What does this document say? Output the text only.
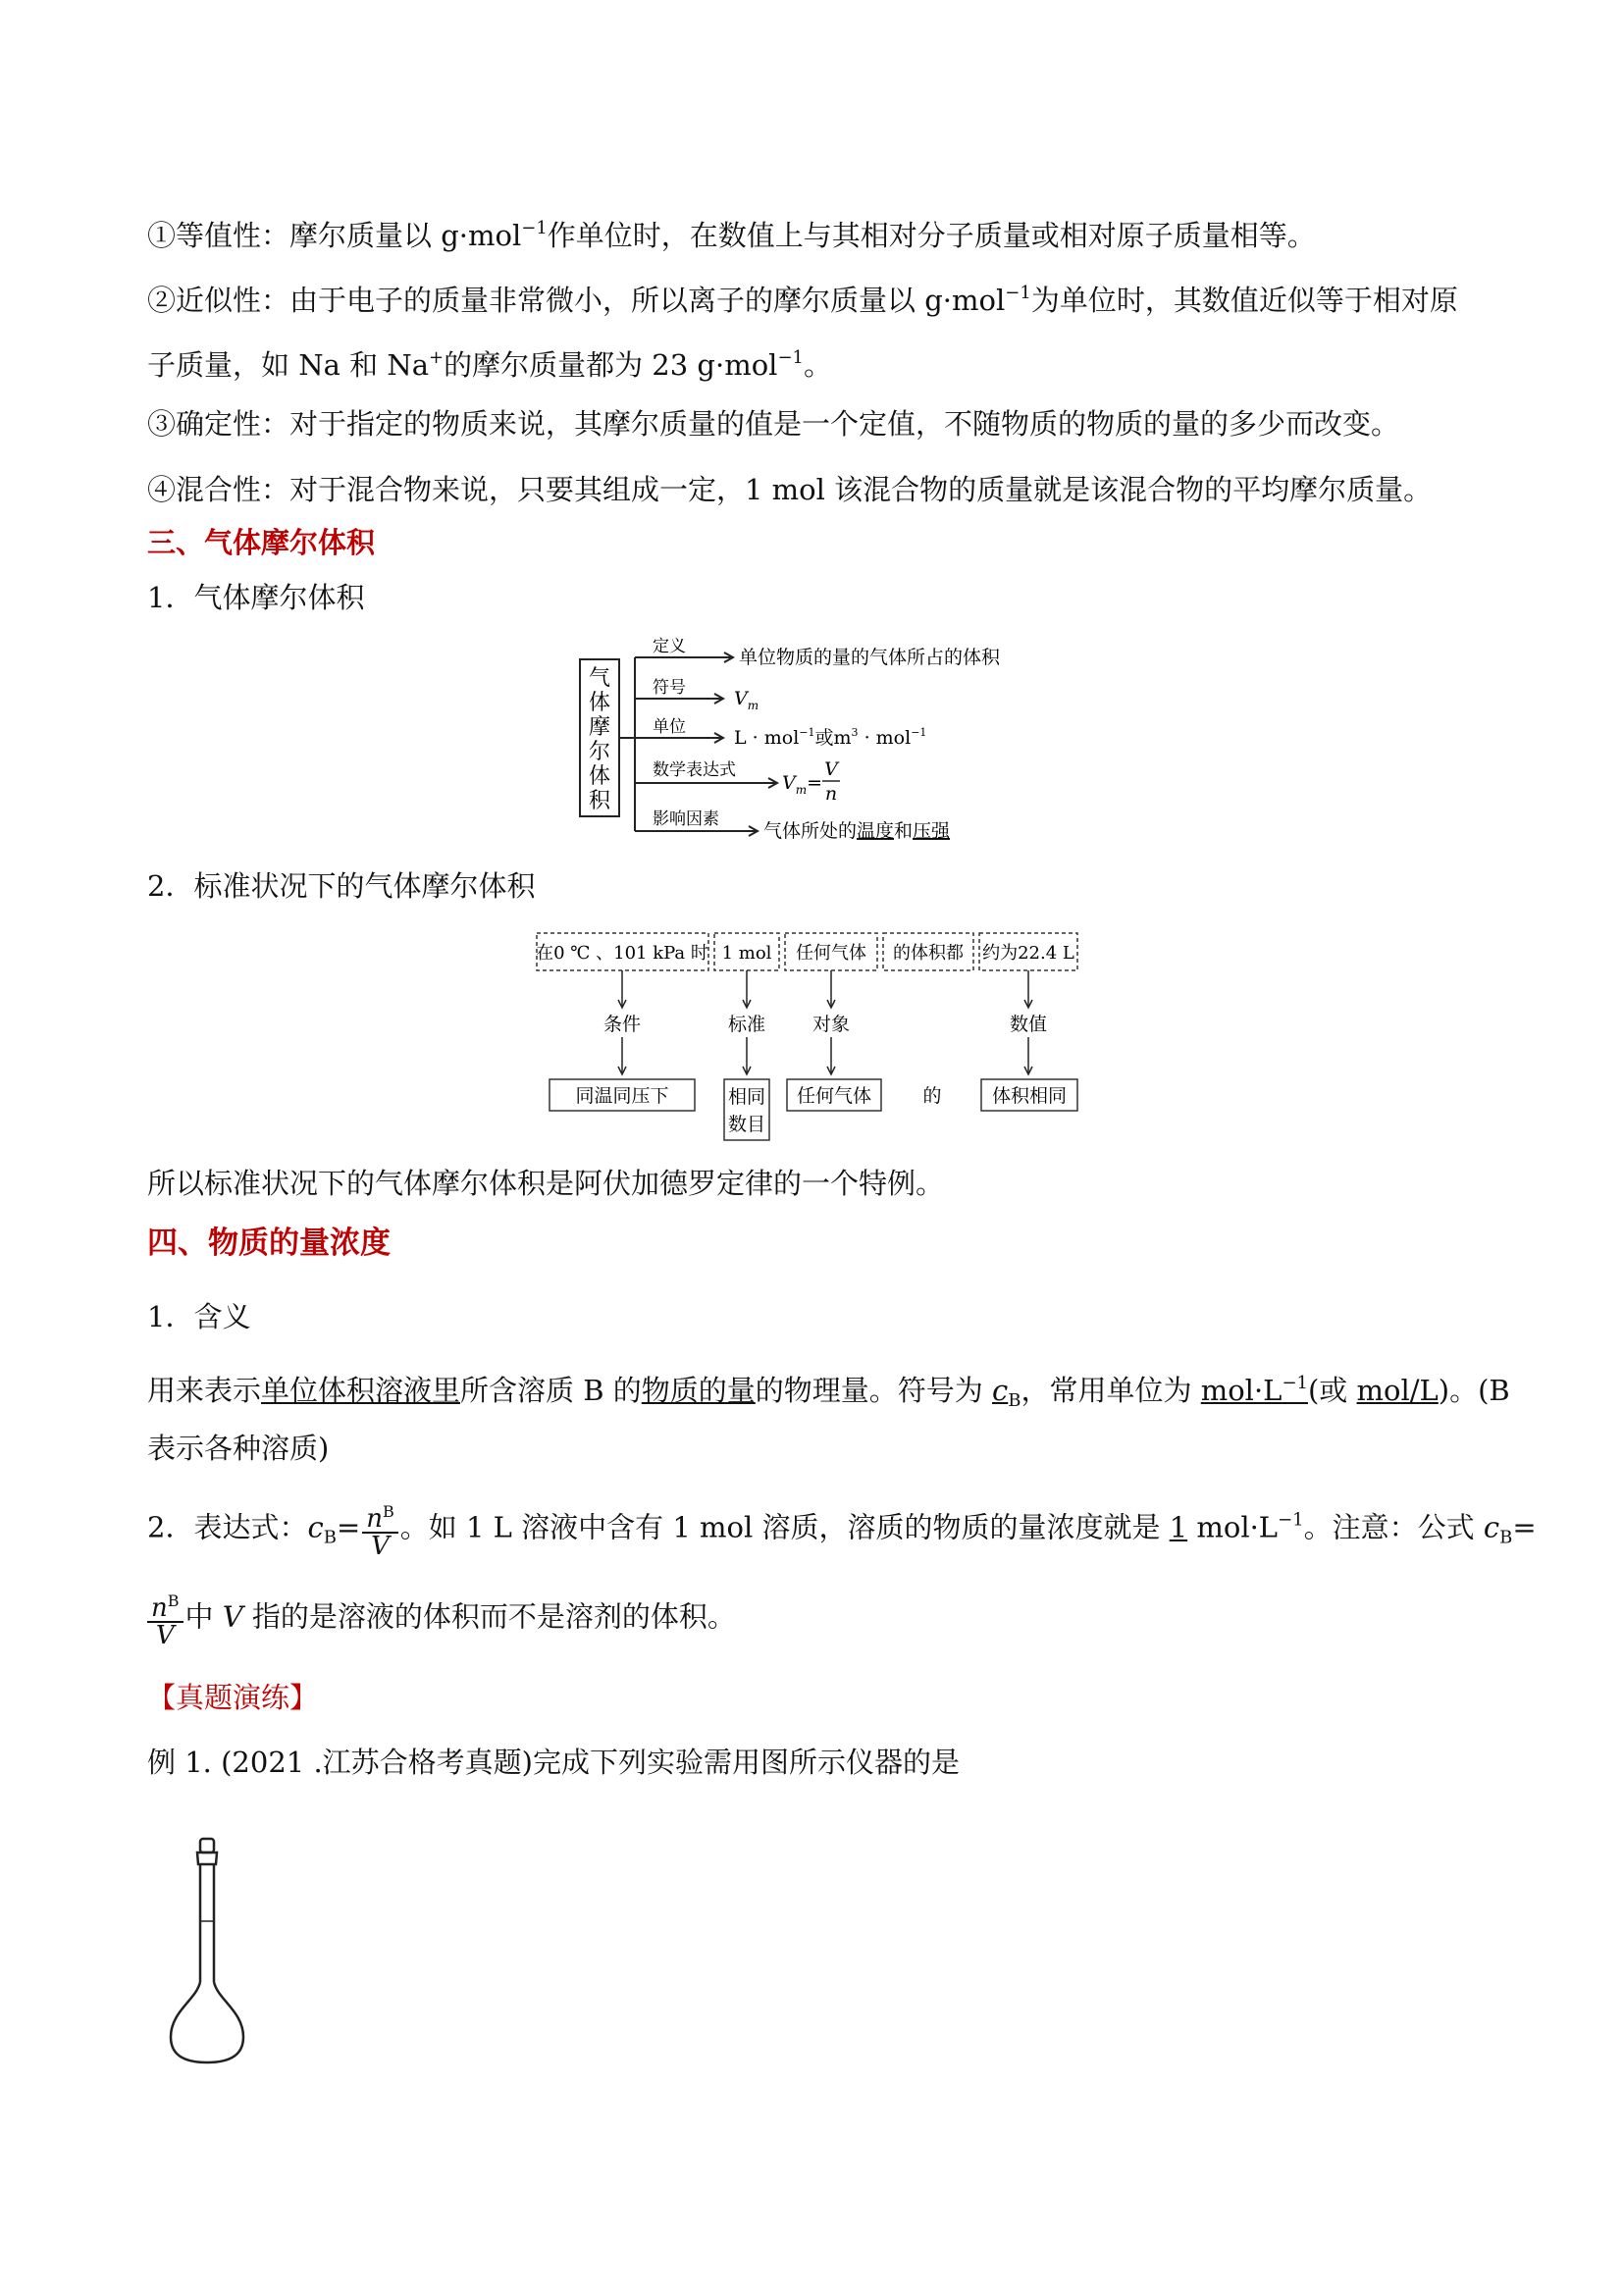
①等值性：摩尔质量以 g·mol$^{-1}$作单位时，在数值上与其相对分子质量或相对原子质量相等。
②近似性：由于电子的质量非常微小，所以离子的摩尔质量以 g·mol$^{-1}$为单位时，其数值近似等于相对原
子质量，如 Na 和 Na+的摩尔质量都为 23 g·mol$^{-1}$。
③确定性：对于指定的物质来说，其摩尔质量的值是一个定值，不随物质的物质的量的多少而改变。
④混合性：对于混合物来说，只要其组成一定，1 mol 该混合物的质量就是该混合物的平均摩尔质量。
三、气体摩尔体积
1．气体摩尔体积
气
体
摩
尔
体
积
定义
符号
单位
数学表达式
影响因素
单位物质的量的气体所占的体积
$V_m$
L · mol$^{-1}$或$m^3 \cdot mol^{-1}$
$V_m=$
V
n
气体所处的温度和压强
2．标准状况下的气体摩尔体积
在0 ℃ 、101 kPa 时 1 mol 任何气体 的体积都 约为22.4 L
条件	标准	对象	数值
同温同压下	相同
数目
任何气体	的	体积相同
所以标准状况下的气体摩尔体积是阿伏加德罗定律的一个特例。
四、物质的量浓度
1．含义
用来表示单位体积溶液里所含溶质 B 的物质的量的物理量。符号为 $c_B$，常用单位为 $mol\cdot L^{-1}$(或 mol/L)。(B
表示各种溶质)
2．表达式：$c_B= \frac{n^B}{V}$ 。如 1 L 溶液中含有 1 mol 溶质，溶质的物质的量浓度就是 1 $mol\cdot L^{-1}$。注意：公式 $c_B=$
$\frac{n^B}{V}$ 中 V 指的是溶液的体积而不是溶剂的体积。
【真题演练】
例 1. (2021 .江苏合格考真题)完成下列实验需用图所示仪器的是
